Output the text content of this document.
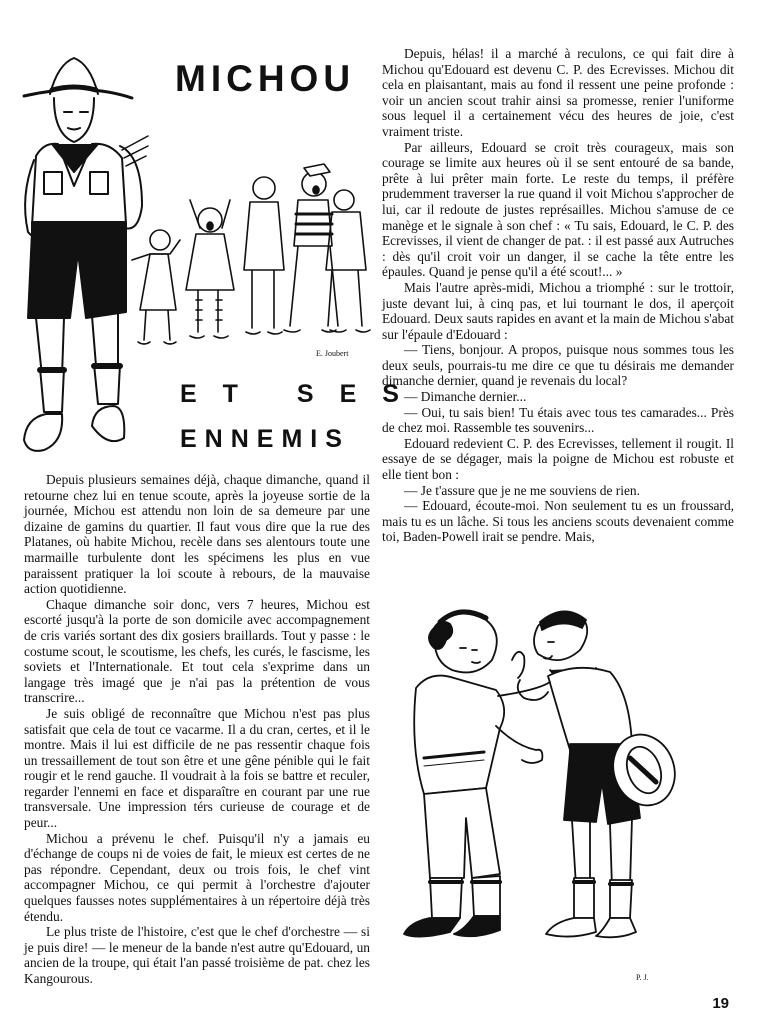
E. Joubert
P. J.
MICHOU
ET SES
ENNEMIS

Depuis plusieurs semaines déjà, chaque dimanche, quand il retourne chez lui en tenue scoute, après la joyeuse sortie de la journée, Michou est attendu non loin de sa demeure par une dizaine de gamins du quartier. Il faut vous dire que la rue des Platanes, où habite Michou, recèle dans ses alentours toute une marmaille turbulente dont les spécimens les plus en vue paraissent pratiquer la loi scoute à rebours, de la mauvaise action quotidienne.

Chaque dimanche soir donc, vers 7 heures, Michou est escorté jusqu'à la porte de son domicile avec accompagnement de cris variés sortant des dix gosiers braillards. Tout y passe : le costume scout, le scoutisme, les chefs, les curés, le fascisme, les soviets et l'Internationale. Et tout cela s'exprime dans un langage très imagé que je n'ai pas la prétention de vous transcrire...

Je suis obligé de reconnaître que Michou n'est pas plus satisfait que cela de tout ce vacarme. Il a du cran, certes, et il le montre. Mais il lui est difficile de ne pas ressentir chaque fois un tressaillement de tout son être et une gêne pénible qui le fait rougir et le rend gauche. Il voudrait à la fois se battre et reculer, regarder l'ennemi en face et disparaître en courant par une rue transversale. Une impression térs curieuse de courage et de peur...

Michou a prévenu le chef. Puisqu'il n'y a jamais eu d'échange de coups ni de voies de fait, le mieux est certes de ne pas répondre. Cependant, deux ou trois fois, le chef vint accompagner Michou, ce qui permit à l'orchestre d'ajouter quelques fausses notes supplémentaires à un répertoire déjà très étendu.

Le plus triste de l'histoire, c'est que le chef d'orchestre — si je puis dire! — le meneur de la bande n'est autre qu'Edouard, un ancien de la troupe, qui était l'an passé troisième de pat. chez les Kangourous.

Depuis, hélas! il a marché à reculons, ce qui fait dire à Michou qu'Edouard est devenu C. P. des Ecrevisses. Michou dit cela en plaisantant, mais au fond il ressent une peine profonde : voir un ancien scout trahir ainsi sa promesse, renier l'uniforme sous lequel il a certainement vécu des heures de joie, c'est vraiment triste.

Par ailleurs, Edouard se croit très courageux, mais son courage se limite aux heures où il se sent entouré de sa bande, prête à lui prêter main forte. Le reste du temps, il préfère prudemment traverser la rue quand il voit Michou s'approcher de lui, car il redoute de justes représailles. Michou s'amuse de ce manège et le signale à son chef : « Tu sais, Edouard, le C. P. des Ecrevisses, il vient de changer de pat. : il est passé aux Autruches : dès qu'il croit voir un danger, il se cache la tête entre les épaules. Quand je pense qu'il a été scout!... »

Mais l'autre après-midi, Michou a triomphé : sur le trottoir, juste devant lui, à cinq pas, et lui tournant le dos, il aperçoit Edouard. Deux sauts rapides en avant et la main de Michou s'abat sur l'épaule d'Edouard :

— Tiens, bonjour. A propos, puisque nous sommes tous les deux seuls, pourrais-tu me dire ce que tu désirais me demander dimanche dernier, quand je revenais du local?

— Dimanche dernier...

— Oui, tu sais bien! Tu étais avec tous tes camarades... Près de chez moi. Rassemble tes souvenirs...

Edouard redevient C. P. des Ecrevisses, tellement il rougit. Il essaye de se dégager, mais la poigne de Michou est robuste et elle tient bon :

— Je t'assure que je ne me souviens de rien.

— Edouard, écoute-moi. Non seulement tu es un froussard, mais tu es un lâche. Si tous les anciens scouts devenaient comme toi, Baden-Powell irait se pendre. Mais,

19
